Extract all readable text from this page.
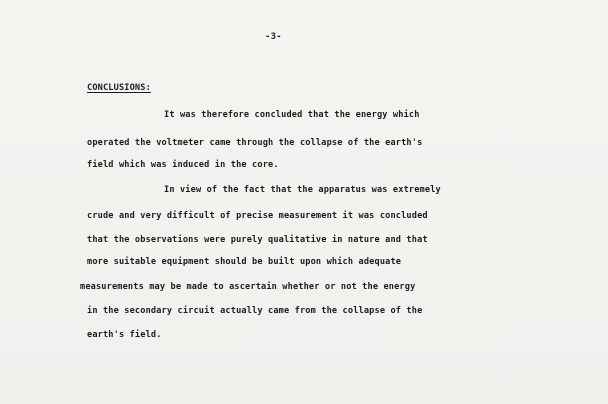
-3-
CONCLUSIONS:
It was therefore concluded that the energy which
operated the voltmeter came through the collapse of the earth's
field which was induced in the core.
In view of the fact that the apparatus was extremely
crude and very difficult of precise measurement it was concluded
that the observations were purely qualitative in nature and that
more suitable equipment should be built upon which adequate
measurements may be made to ascertain whether or not the energy
in the secondary circuit actually came from the collapse of the
earth's field.
